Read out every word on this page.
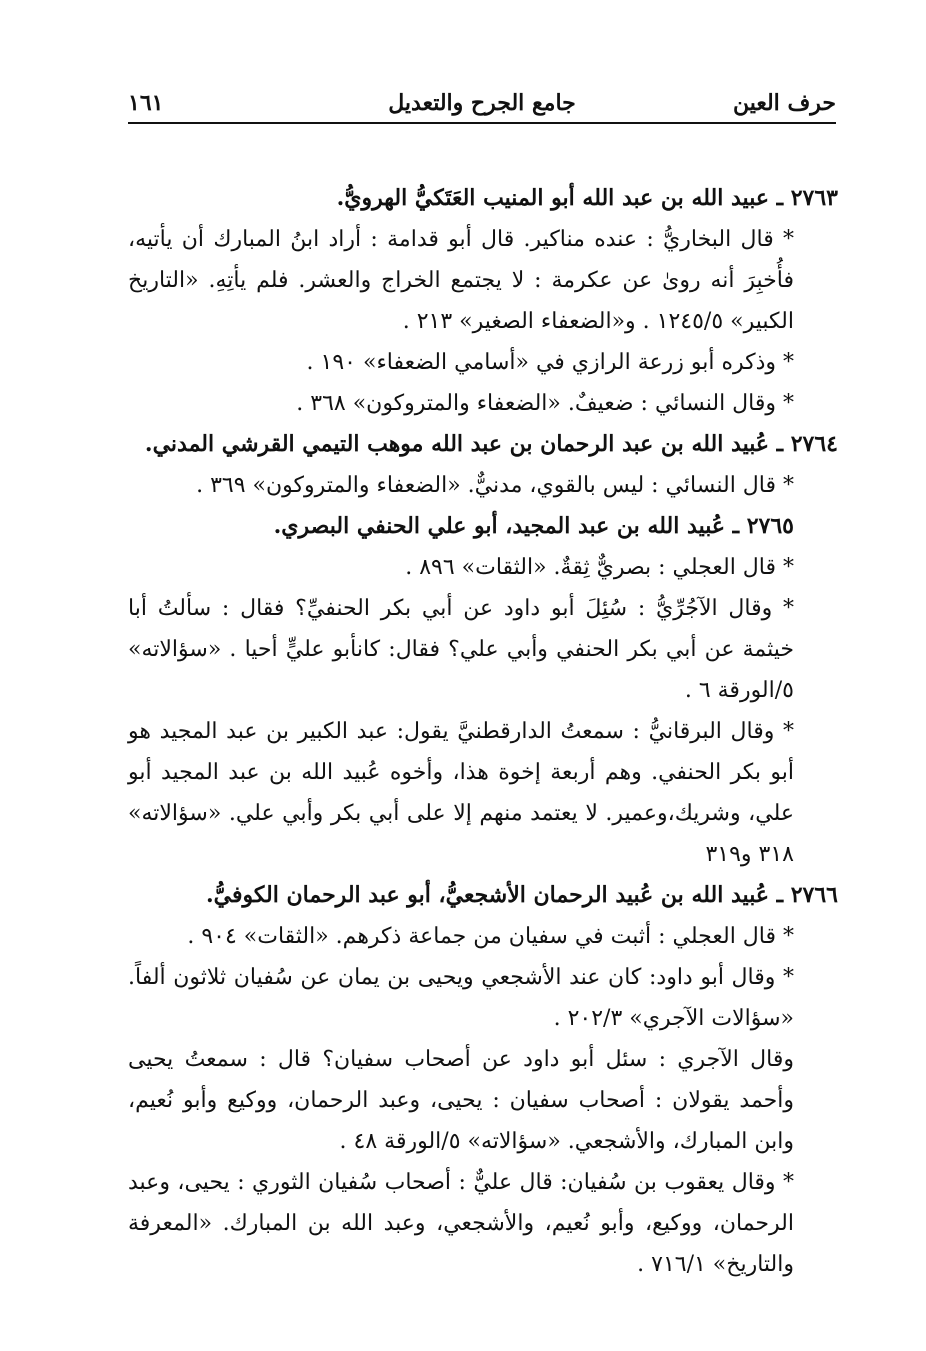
حرف العين
جامع الجرح والتعديل
١٦١

٢٧٦٣ ـ عبيد الله بن عبد الله أبو المنيب العَتَكيُّ الهرويُّ.

* قال البخاريُّ : عنده مناكير. قال أبو قدامة : أراد ابنُ المبارك أن يأتيه، فأُخبِرَ أنه روىٰ عن عكرمة : لا يجتمع الخراج والعشر. فلم يأتِهِ. «التاريخ الكبير» ١٢٤٥/٥ . و«الضعفاء الصغير» ٢١٣ .

* وذكره أبو زرعة الرازي في «أسامي الضعفاء» ١٩٠ .

* وقال النسائي : ضعيفٌ. «الضعفاء والمتروكون» ٣٦٨ .

٢٧٦٤ ـ عُبيد الله بن عبد الرحمان بن عبد الله موهب التيمي القرشي المدني.

* قال النسائي : ليس بالقوي، مدنيٌّ. «الضعفاء والمتروكون» ٣٦٩ .

٢٧٦٥ ـ عُبيد الله بن عبد المجيد، أبو علي الحنفي البصري.

* قال العجلي : بصريٌّ ثِقةٌ. «الثقات» ٨٩٦ .

* وقال الآجُرِّيُّ : سُئِلَ أبو داود عن أبي بكر الحنفيِّ؟ فقال : سألتُ أبا خيثمة عن أبي بكر الحنفي وأبي علي؟ فقال: كانأبو عليٍّ أحيا . «سؤالاته» ٥/الورقة ٦ .

* وقال البرقانيُّ : سمعتُ الدارقطنيَّ يقول: عبد الكبير بن عبد المجيد هو أبو بكر الحنفي. وهم أربعة إخوة هذا، وأخوه عُبيد الله بن عبد المجيد أبو علي، وشريك،وعمير. لا يعتمد منهم إلا على أبي بكر وأبي علي. «سؤالاته» ٣١٨ و٣١٩

٢٧٦٦ ـ عُبيد الله بن عُبيد الرحمان الأشجعيُّ، أبو عبد الرحمان الكوفيُّ.

* قال العجلي : أثبت في سفيان من جماعة ذكرهم. «الثقات» ٩٠٤ .

* وقال أبو داود: كان عند الأشجعي ويحيى بن يمان عن سُفيان ثلاثون ألفاً. «سؤالات الآجري» ٢٠٢/٣ .

وقال الآجري : سئل أبو داود عن أصحاب سفيان؟ قال : سمعتُ يحيى وأحمد يقولان : أصحاب سفيان : يحيى، وعبد الرحمان، ووكيع وأبو نُعيم، وابن المبارك، والأشجعي. «سؤالاته» ٥/الورقة ٤٨ .

* وقال يعقوب بن سُفيان: قال عليٌّ : أصحاب سُفيان الثوري : يحيى، وعبد الرحمان، ووكيع، وأبو نُعيم، والأشجعي، وعبد الله بن المبارك. «المعرفة والتاريخ» ٧١٦/١ .
